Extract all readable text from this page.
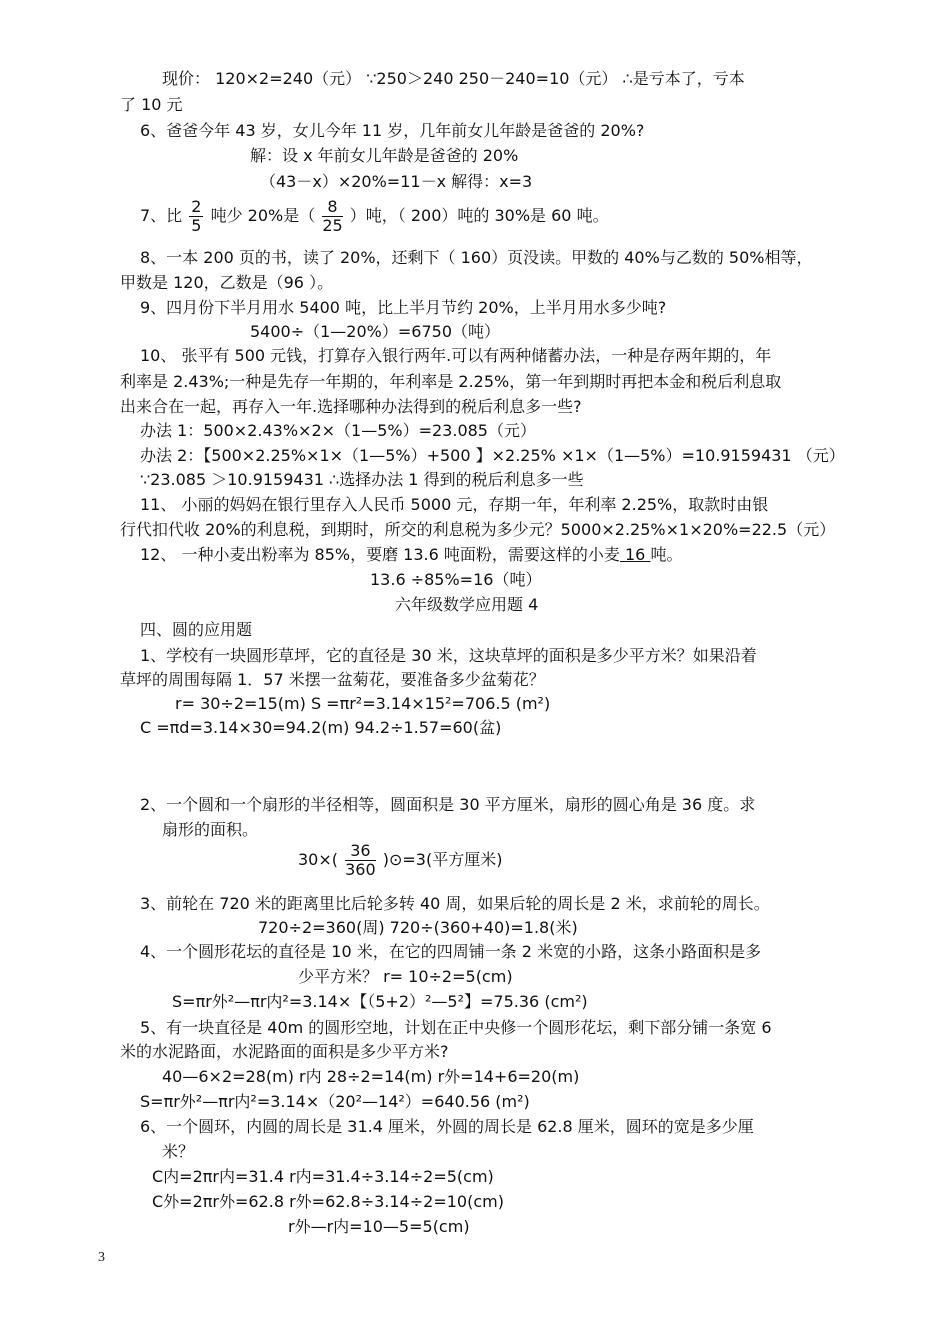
现价： 120×2=240（元） ∵250＞240 250－240=10（元） ∴是亏本了，亏本
了 10 元
6、爸爸今年 43 岁，女儿今年 11 岁，几年前女儿年龄是爸爸的 20%?
解：设 x 年前女儿年龄是爸爸的 20%
（43－x）×20%=11－x 解得：x=3
7、比 $\frac{2}{5}$ 吨少 20%是（ $\frac{8}{25}$ ）吨，（ 200）吨的 30%是 60 吨。
8、一本 200 页的书，读了 20%，还剩下（ 160）页没读。甲数的 40%与乙数的 50%相等，
甲数是 120，乙数是（96 ）。
9、四月份下半月用水 5400 吨，比上半月节约 20%，上半月用水多少吨?
5400÷（1—20%）=6750（吨）
10、 张平有 500 元钱，打算存入银行两年.可以有两种储蓄办法，一种是存两年期的，年
利率是 2.43%;一种是先存一年期的，年利率是 2.25%，第一年到期时再把本金和税后利息取
出来合在一起，再存入一年.选择哪种办法得到的税后利息多一些?
办法 1：500×2.43%×2×（1—5%）=23.085（元）
办法 2：【500×2.25%×1×（1—5%）+500 】×2.25% ×1×（1—5%）=10.9159431 （元）
∵23.085 ＞10.9159431 ∴选择办法 1 得到的税后利息多一些
11、 小丽的妈妈在银行里存入人民币 5000 元，存期一年，年利率 2.25%，取款时由银
行代扣代收 20%的利息税，到期时，所交的利息税为多少元？5000×2.25%×1×20%=22.5（元）
12、 一种小麦出粉率为 85%，要磨 13.6 吨面粉，需要这样的小麦 16 吨。
13.6 ÷85%=16（吨）
六年级数学应用题 4
四、圆的应用题
1、学校有一块圆形草坪，它的直径是 30 米，这块草坪的面积是多少平方米？如果沿着
草坪的周围每隔 1．57 米摆一盆菊花，要准备多少盆菊花？
r= 30÷2=15(m) S =πr²=3.14×15²=706.5 (m²)
C =πd=3.14×30=94.2(m) 94.2÷1.57=60(盆)
2、一个圆和一个扇形的半径相等，圆面积是 30 平方厘米，扇形的圆心角是 36 度。求
扇形的面积。
$30\times( \frac{36}{360}$ )⊙=3(平方厘米)
3、前轮在 720 米的距离里比后轮多转 40 周，如果后轮的周长是 2 米，求前轮的周长。
720÷2=360(周) 720÷(360+40)=1.8(米)
4、一个圆形花坛的直径是 10 米，在它的四周铺一条 2 米宽的小路，这条小路面积是多
少平方米？ r= 10÷2=5(cm)
S=πr外²—πr内²=3.14×【（5+2）²—5²】=75.36 (cm²)
5、有一块直径是 40m 的圆形空地，计划在正中央修一个圆形花坛，剩下部分铺一条宽 6
米的水泥路面，水泥路面的面积是多少平方米?
40—6×2=28(m) r内 28÷2=14(m) r外=14+6=20(m)
S=πr外²—πr内²=3.14×（20²—14²）=640.56 (m²)
6、一个圆环，内圆的周长是 31.4 厘米，外圆的周长是 62.8 厘米，圆环的宽是多少厘
米？
C内=2πr内=31.4 r内=31.4÷3.14÷2=5(cm)
C外=2πr外=62.8 r外=62.8÷3.14÷2=10(cm)
r外—r内=10—5=5(cm)
3
